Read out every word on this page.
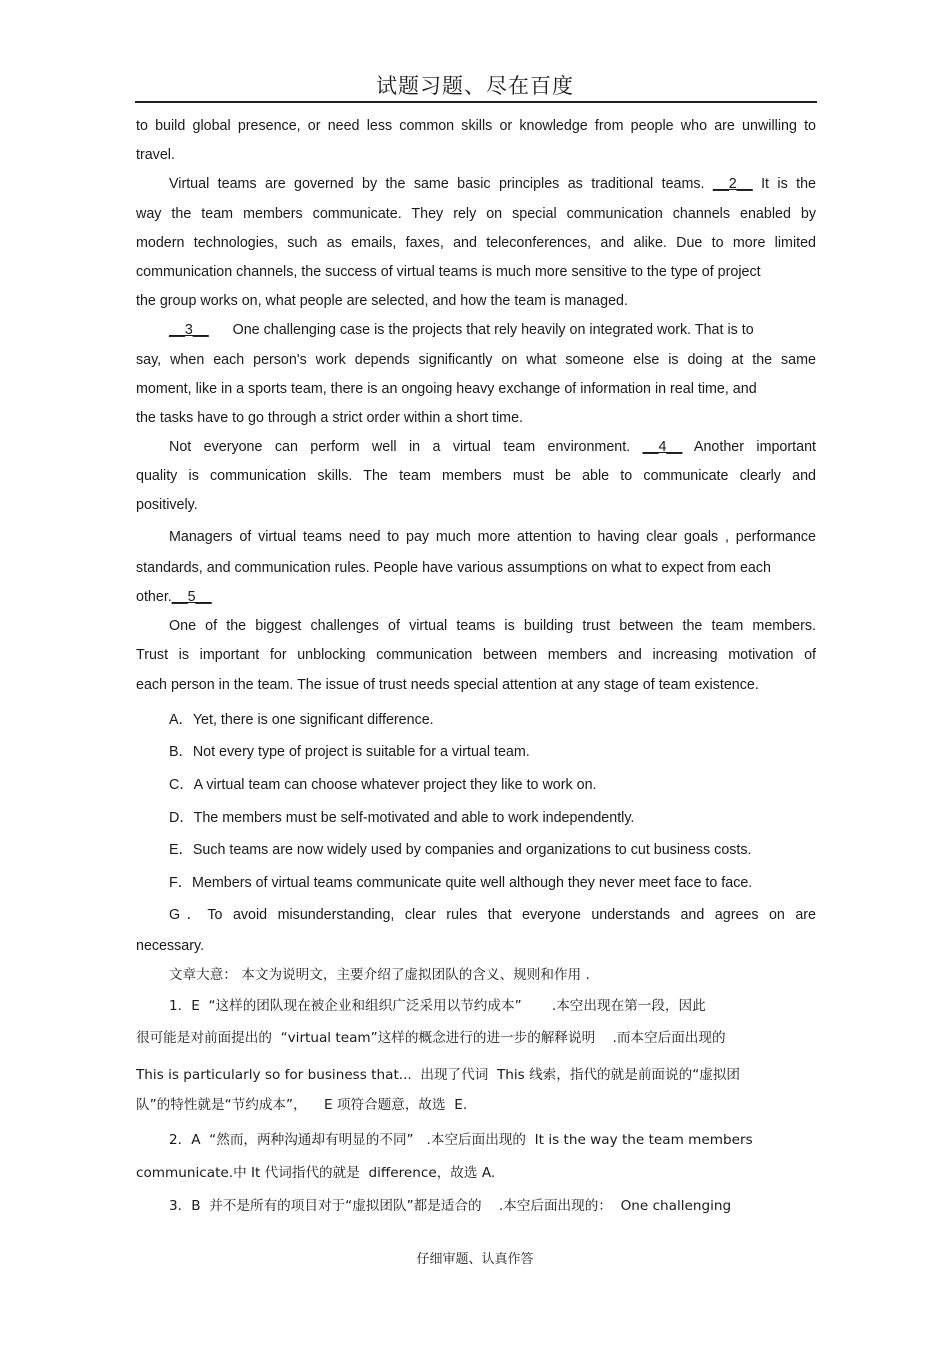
试题习题、尽在百度
to build global presence, or need less common skills or knowledge from people who are unwilling to
travel.
Virtual teams are governed by the same basic principles as traditional teams. __2__ It is the
way the team members communicate. They rely on special communication channels enabled by
modern technologies, such as emails, faxes, and teleconferences, and alike. Due to more limited
communication channels, the success of virtual teams is much more sensitive to the type of project
the group works on, what people are selected, and how the team is managed.
__3__      One challenging case is the projects that rely heavily on integrated work. That is to
say, when each person's work depends significantly on what someone else is doing at the same
moment, like in a sports team, there is an ongoing heavy exchange of information in real time, and
the tasks have to go through a strict order within a short time.
Not everyone can perform well in a virtual team environment. __4__ Another important
quality is communication skills. The team members must be able to communicate clearly and
positively.
Managers of virtual teams need to pay much more attention to having clear goals , performance
standards, and communication rules. People have various assumptions on what to expect from each
other.__5__
One of the biggest challenges of virtual teams is building trust between the team members.
Trust is important for unblocking communication between members and increasing motivation of
each person in the team. The issue of trust needs special attention at any stage of team existence.
A．Yet, there is one significant difference.
B．Not every type of project is suitable for a virtual team.
C．A virtual team can choose whatever project they like to work on.
D．The members must be self-motivated and able to work independently.
E．Such teams are now widely used by companies and organizations to cut business costs.
F．Members of virtual teams communicate quite well although they never meet face to face.
G．To avoid misunderstanding, clear rules that everyone understands and agrees on are
necessary.
文章大意： 本文为说明文，主要介绍了虚拟团队的含义、规则和作用 .
1．E  “这样的团队现在被企业和组织广泛采用以节约成本”       .本空出现在第一段，因此
很可能是对前面提出的  “virtual team”这样的概念进行的进一步的解释说明    .而本空后面出现的
This is particularly so for business that...  出现了代词  This 线索，指代的就是前面说的“虚拟团
队”的特性就是“节约成本”，    E 项符合题意，故选  E.
2．A  “然而，两种沟通却有明显的不同”   .本空后面出现的  It is the way the team members
communicate.中 It 代词指代的就是  difference，故选 A.
3．B  并不是所有的项目对于“虚拟团队”都是适合的    .本空后面出现的：  One challenging
仔细审题、认真作答
